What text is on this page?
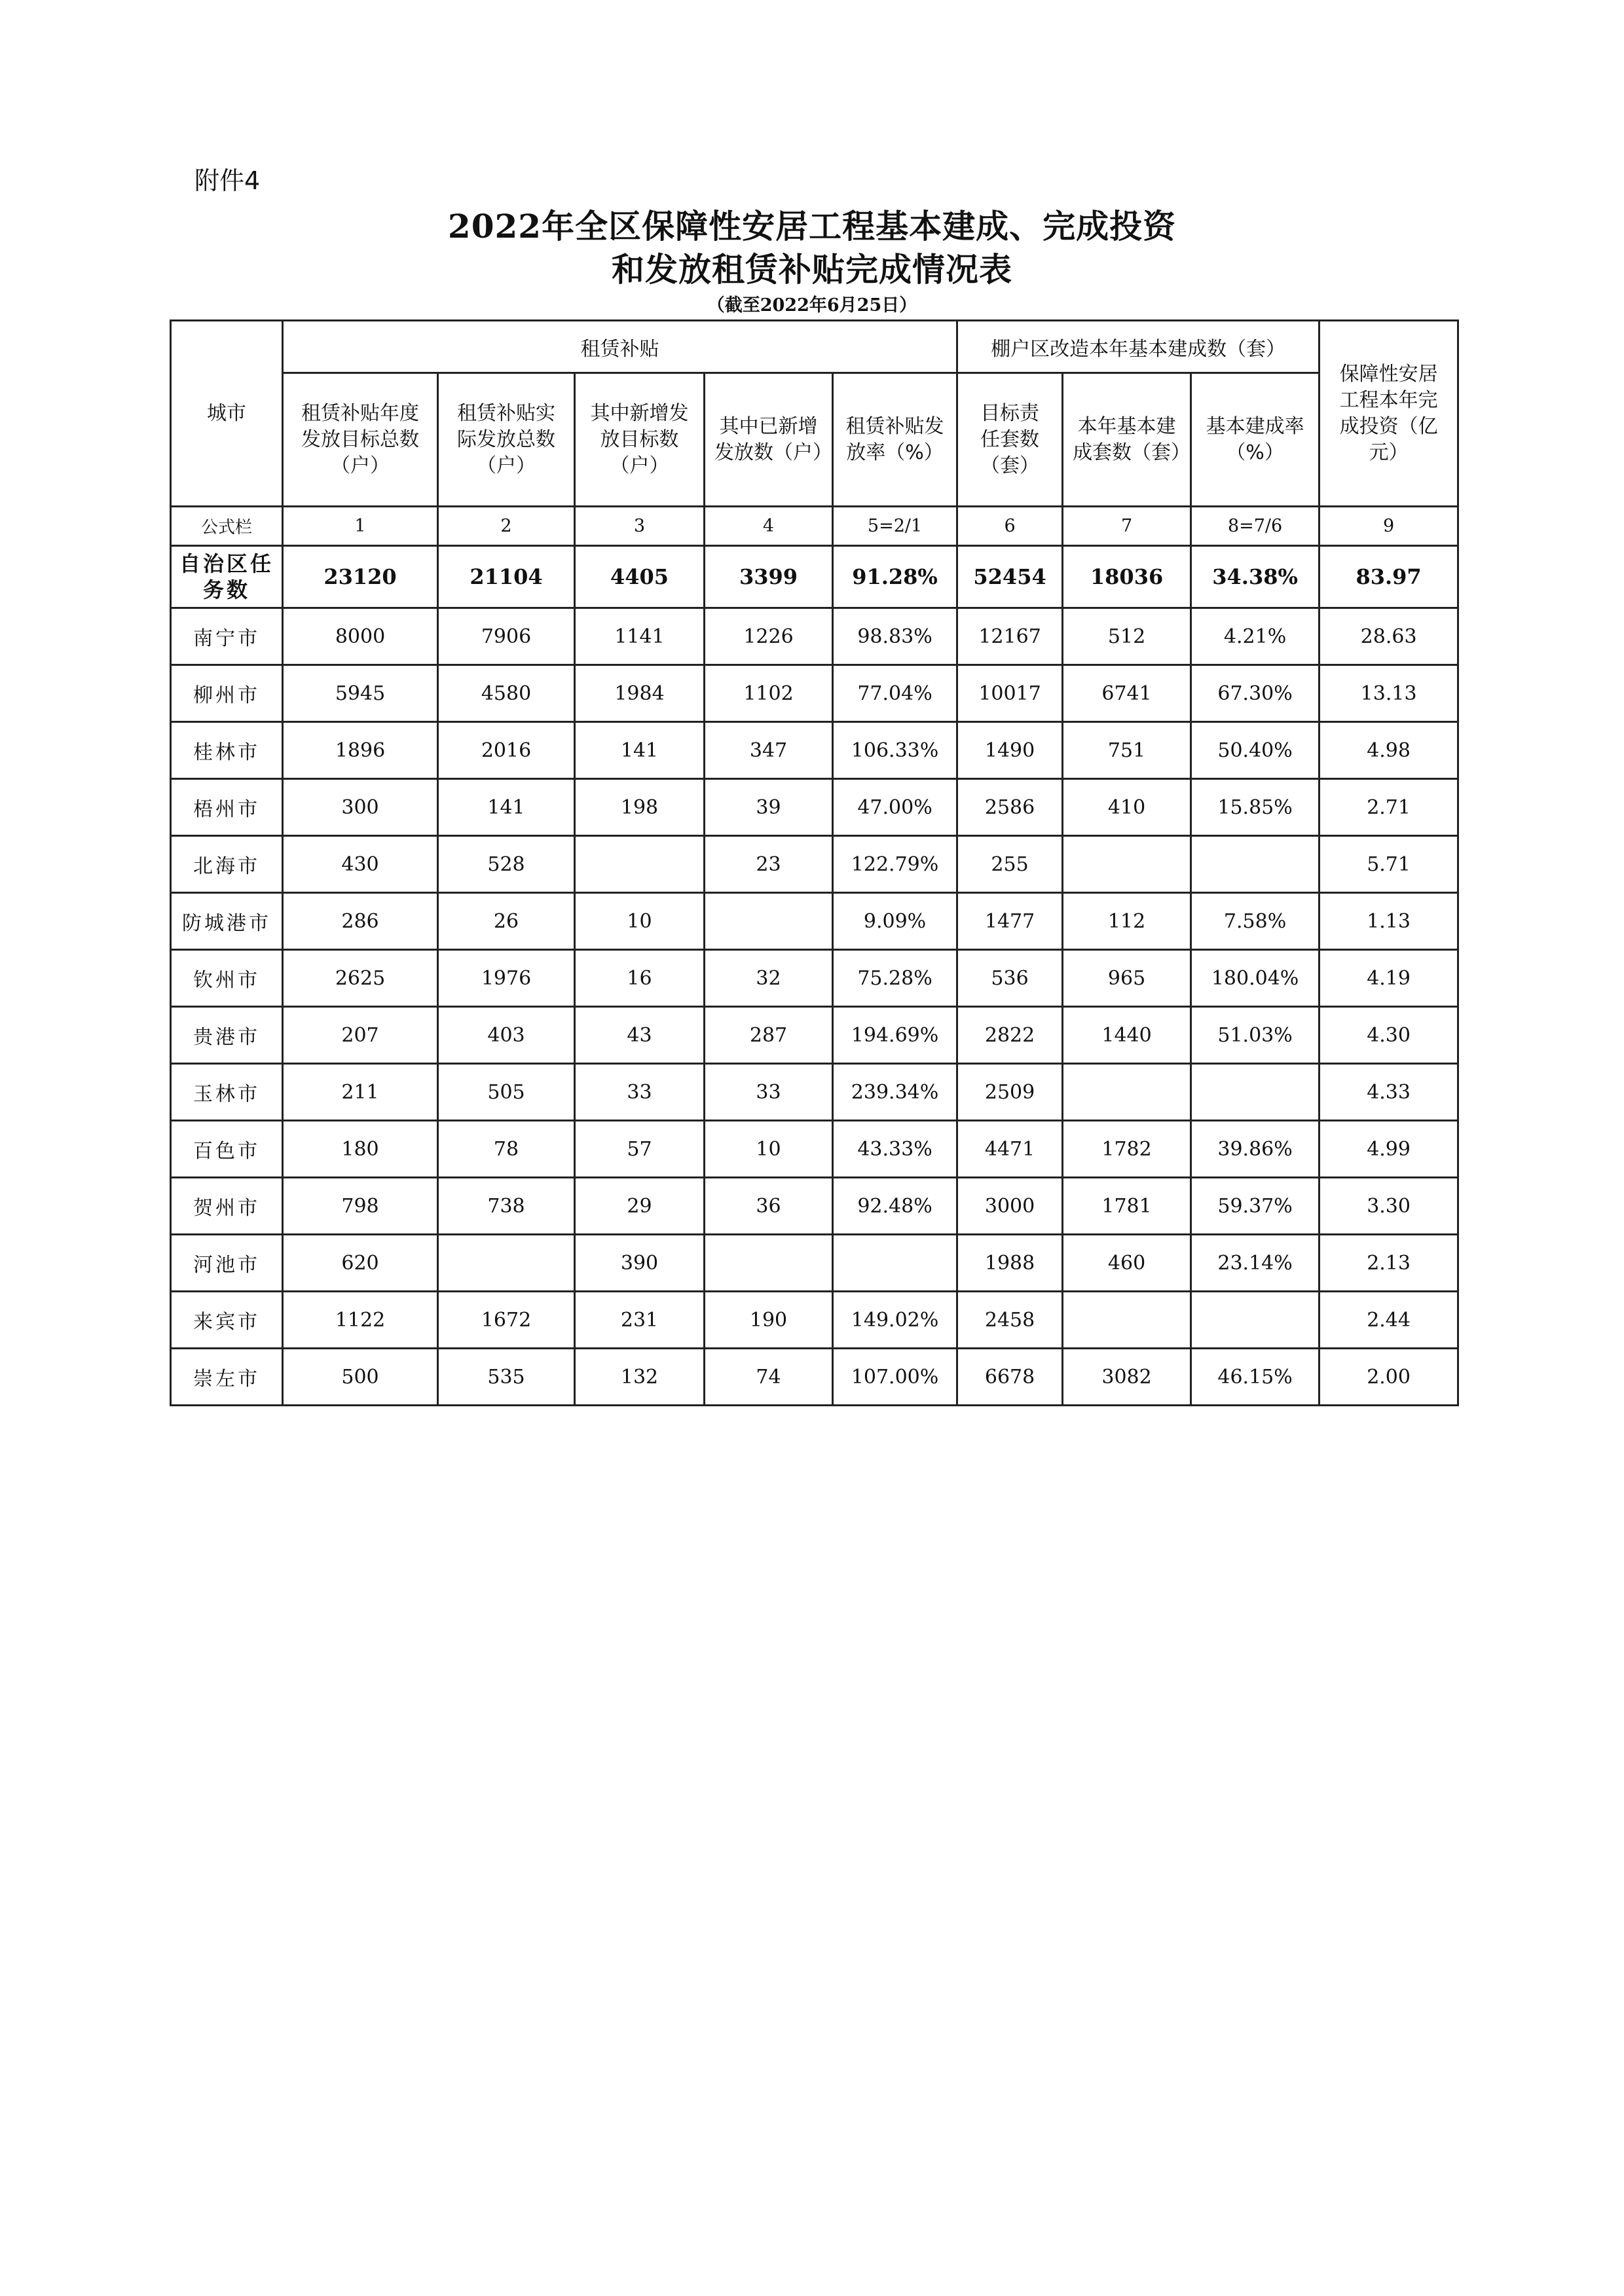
附件4
2022年全区保障性安居工程基本建成、完成投资
和发放租赁补贴完成情况表
（截至2022年6月25日）
城市	租赁补贴					棚户区改造本年基本建成数（套）			保障性安居工程本年完成投资（亿元）
	租赁补贴年度发放目标总数（户）	租赁补贴实际发放总数（户）	其中新增发放目标数（户）	其中已新增发放数（户）	租赁补贴发放率（%）	目标责任套数（套）	本年基本建成套数（套）	基本建成率（%）	
公式栏	1	2	3	4	5=2/1	6	7	8=7/6	9
自治区任务数	23120	21104	4405	3399	91.28%	52454	18036	34.38%	83.97
南宁市	8000	7906	1141	1226	98.83%	12167	512	4.21%	28.63
柳州市	5945	4580	1984	1102	77.04%	10017	6741	67.30%	13.13
桂林市	1896	2016	141	347	106.33%	1490	751	50.40%	4.98
梧州市	300	141	198	39	47.00%	2586	410	15.85%	2.71
北海市	430	528		23	122.79%	255			5.71
防城港市	286	26	10		9.09%	1477	112	7.58%	1.13
钦州市	2625	1976	16	32	75.28%	536	965	180.04%	4.19
贵港市	207	403	43	287	194.69%	2822	1440	51.03%	4.30
玉林市	211	505	33	33	239.34%	2509			4.33
百色市	180	78	57	10	43.33%	4471	1782	39.86%	4.99
贺州市	798	738	29	36	92.48%	3000	1781	59.37%	3.30
河池市	620		390			1988	460	23.14%	2.13
来宾市	1122	1672	231	190	149.02%	2458			2.44
崇左市	500	535	132	74	107.00%	6678	3082	46.15%	2.00
